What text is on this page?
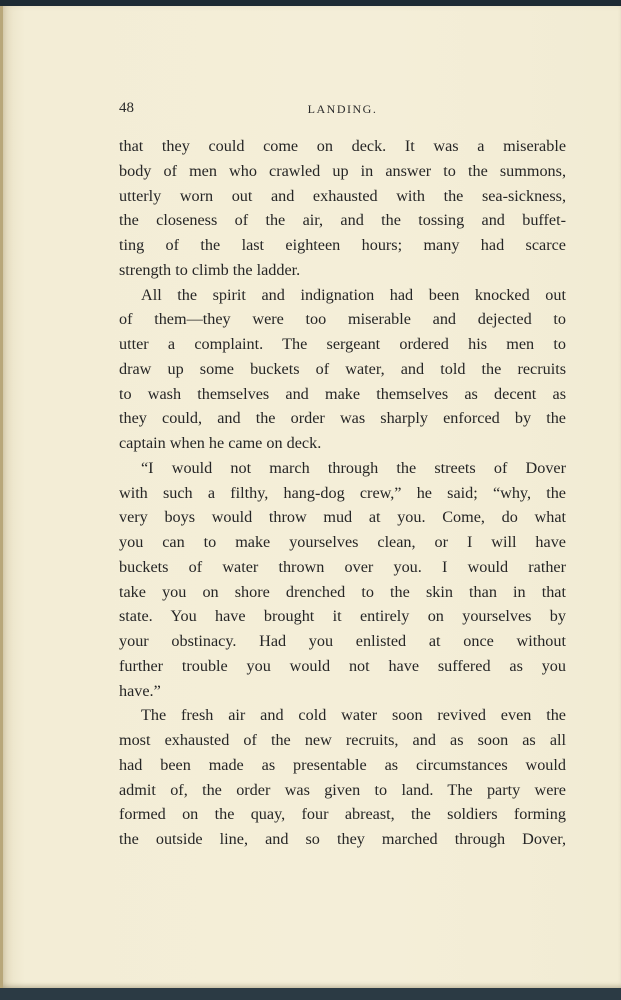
48	LANDING.

that they could come on deck. It was a miserable
body of men who crawled up in answer to the summons,
utterly worn out and exhausted with the sea-sickness,
the closeness of the air, and the tossing and buffet-
ting of the last eighteen hours; many had scarce
strength to climb the ladder.

All the spirit and indignation had been knocked out
of them—they were too miserable and dejected to
utter a complaint. The sergeant ordered his men to
draw up some buckets of water, and told the recruits
to wash themselves and make themselves as decent as
they could, and the order was sharply enforced by the
captain when he came on deck.

“I would not march through the streets of Dover
with such a filthy, hang-dog crew,” he said; “why, the
very boys would throw mud at you. Come, do what
you can to make yourselves clean, or I will have
buckets of water thrown over you. I would rather
take you on shore drenched to the skin than in that
state. You have brought it entirely on yourselves by
your obstinacy. Had you enlisted at once without
further trouble you would not have suffered as you
have.”

The fresh air and cold water soon revived even the
most exhausted of the new recruits, and as soon as all
had been made as presentable as circumstances would
admit of, the order was given to land. The party were
formed on the quay, four abreast, the soldiers forming
the outside line, and so they marched through Dover,
